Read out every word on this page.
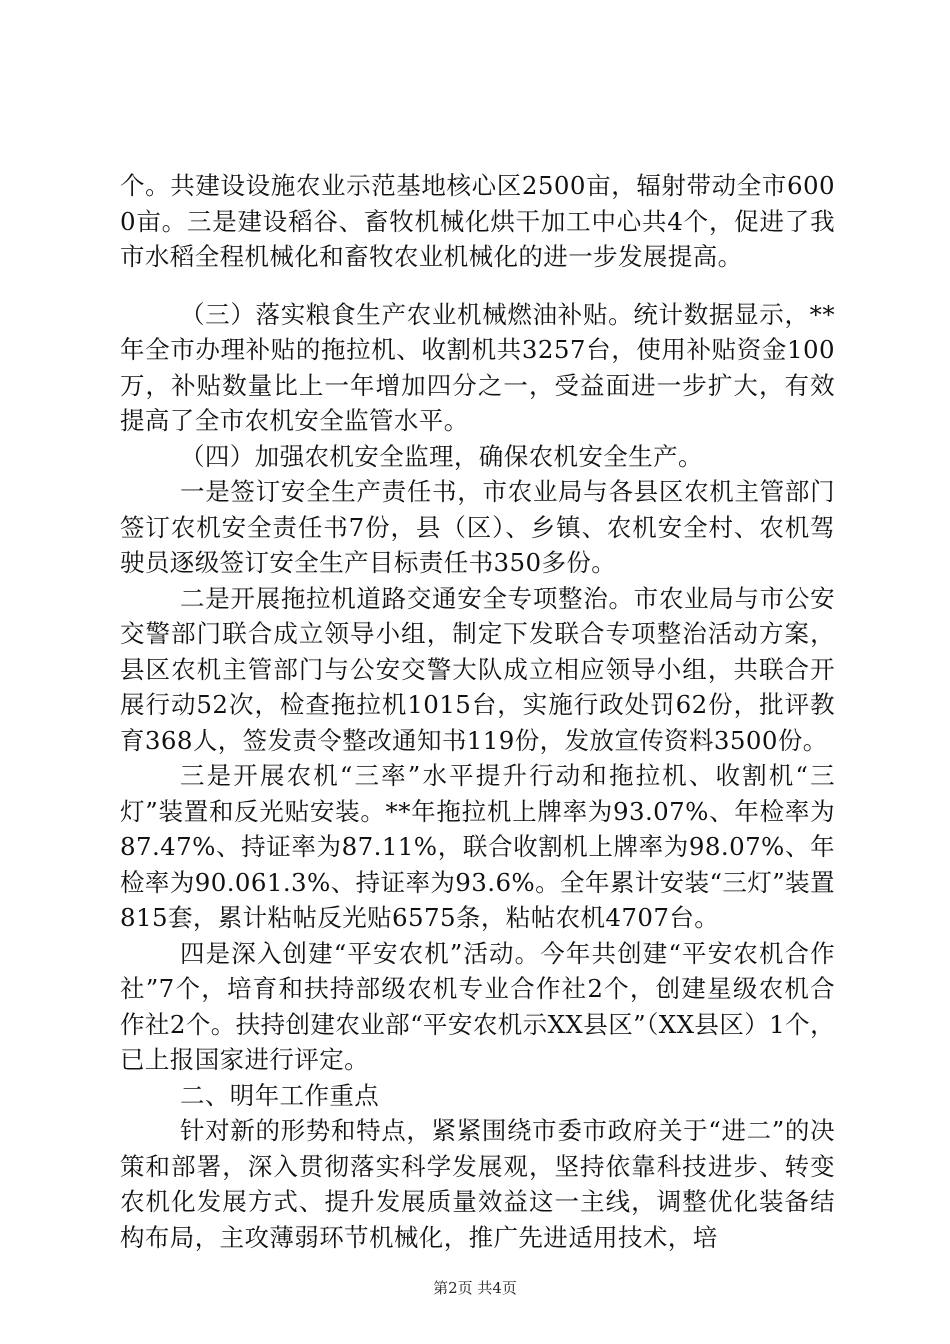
个。共建设设施农业示范基地核心区2500亩，辐射带动全市6000亩。三是建设稻谷、畜牧机械化烘干加工中心共4个，促进了我市水稻全程机械化和畜牧农业机械化的进一步发展提高。

（三）落实粮食生产农业机械燃油补贴。统计数据显示，**年全市办理补贴的拖拉机、收割机共3257台，使用补贴资金100万，补贴数量比上一年增加四分之一，受益面进一步扩大，有效提高了全市农机安全监管水平。

（四）加强农机安全监理，确保农机安全生产。

一是签订安全生产责任书，市农业局与各县区农机主管部门签订农机安全责任书7份，县（区）、乡镇、农机安全村、农机驾驶员逐级签订安全生产目标责任书350多份。

二是开展拖拉机道路交通安全专项整治。市农业局与市公安交警部门联合成立领导小组，制定下发联合专项整治活动方案，县区农机主管部门与公安交警大队成立相应领导小组，共联合开展行动52次，检查拖拉机1015台，实施行政处罚62份，批评教育368人，签发责令整改通知书119份，发放宣传资料3500份。

三是开展农机“三率”水平提升行动和拖拉机、收割机“三灯”装置和反光贴安装。**年拖拉机上牌率为93.07%、年检率为87.47%、持证率为87.11%，联合收割机上牌率为98.07%、年检率为90.061.3%、持证率为93.6%。全年累计安装“三灯”装置815套，累计粘帖反光贴6575条，粘帖农机4707台。

四是深入创建“平安农机”活动。今年共创建“平安农机合作社”7个，培育和扶持部级农机专业合作社2个，创建星级农机合作社2个。扶持创建农业部“平安农机示XX县区”（XX县区）1个，已上报国家进行评定。

二、明年工作重点

针对新的形势和特点，紧紧围绕市委市政府关于“进二”的决策和部署，深入贯彻落实科学发展观，坚持依靠科技进步、转变农机化发展方式、提升发展质量效益这一主线，调整优化装备结构布局，主攻薄弱环节机械化，推广先进适用技术，培

第2页 共4页
